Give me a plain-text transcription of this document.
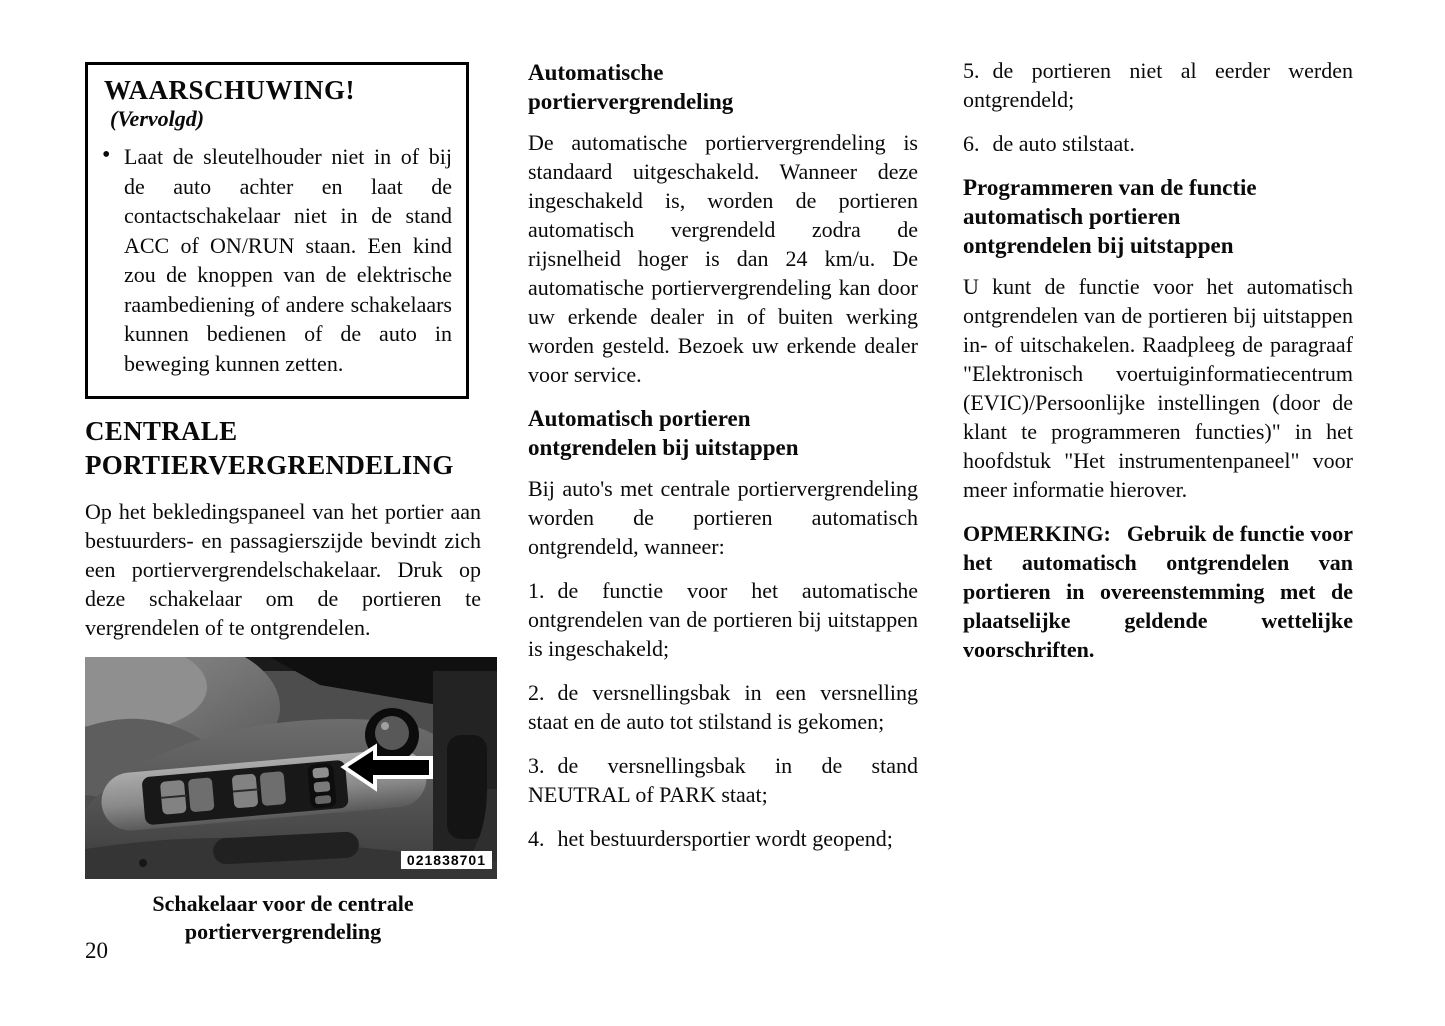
WAARSCHUWING! (Vervolgd)
• Laat de sleutelhouder niet in of bij de auto achter en laat de contactschakelaar niet in de stand ACC of ON/RUN staan. Een kind zou de knoppen van de elektrische raambediening of andere schakelaars kunnen bedienen of de auto in beweging kunnen zetten.
CENTRALE PORTIERVERGRENDELING

Op het bekledingspaneel van het portier aan bestuurders- en passagierszijde bevindt zich een portiervergrendelschakelaar. Druk op deze schakelaar om de portieren te vergrendelen of te ontgrendelen.

021838701
Schakelaar voor de centrale portiervergrendeling
Automatische portiervergrendeling

De automatische portiervergrendeling is standaard uitgeschakeld. Wanneer deze ingeschakeld is, worden de portieren automatisch vergrendeld zodra de rijsnelheid hoger is dan 24 km/u. De automatische portiervergrendeling kan door uw erkende dealer in of buiten werking worden gesteld. Bezoek uw erkende dealer voor service.

Automatisch portieren ontgrendelen bij uitstappen

Bij auto's met centrale portiervergrendeling worden de portieren automatisch ontgrendeld, wanneer:

1. de functie voor het automatische ontgrendelen van de portieren bij uitstappen is ingeschakeld;

2. de versnellingsbak in een versnelling staat en de auto tot stilstand is gekomen;

3. de versnellingsbak in de stand NEUTRAL of PARK staat;

4. het bestuurdersportier wordt geopend;

5. de portieren niet al eerder werden ontgrendeld;

6. de auto stilstaat.

Programmeren van de functie automatisch portieren ontgrendelen bij uitstappen

U kunt de functie voor het automatisch ontgrendelen van de portieren bij uitstappen in- of uitschakelen. Raadpleeg de paragraaf "Elektronisch voertuiginformatiecentrum (EVIC)/Persoonlijke instellingen (door de klant te programmeren functies)" in het hoofdstuk "Het instrumentenpaneel" voor meer informatie hierover.

OPMERKING: Gebruik de functie voor het automatisch ontgrendelen van portieren in overeenstemming met de plaatselijke geldende wettelijke voorschriften.

20
